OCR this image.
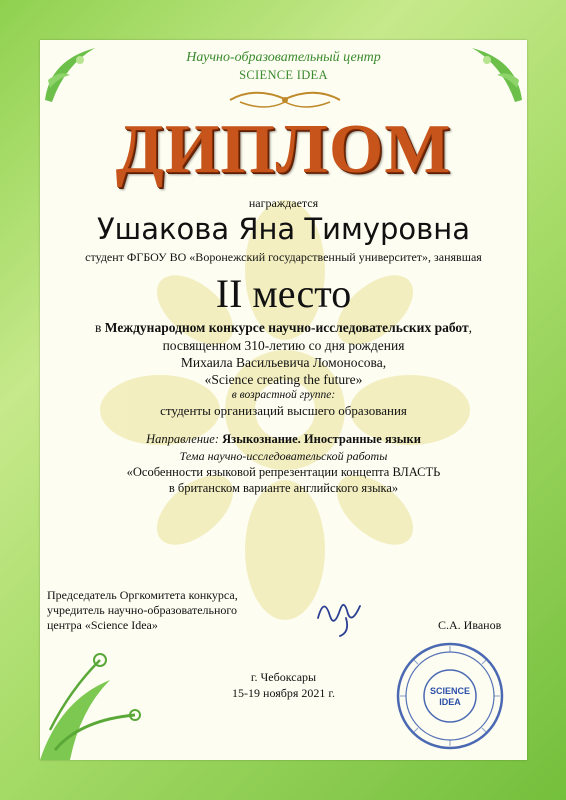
Научно-образовательный центр
SCIENCE IDEA
ДИПЛОМ
награждается
Ушакова Яна Тимуровна
студент ФГБОУ ВО «Воронежский государственный университет», занявшая
II место
в Международном конкурсе научно-исследовательских работ,
посвященном 310-летию со дня рождения
Михаила Васильевича Ломоносова,
«Science creating the future»
в возрастной группе:
студенты организаций высшего образования
Направление: Языкознание. Иностранные языки
Тема научно-исследовательской работы
«Особенности языковой репрезентации концепта ВЛАСТЬ
в британском варианте английского языка»
Председатель Оргкомитета конкурса,
учредитель научно-образовательного
центра «Science Idea»	С.А. Иванов
г. Чебоксары
15-19 ноября 2021 г.	SCIENCE
IDEA
